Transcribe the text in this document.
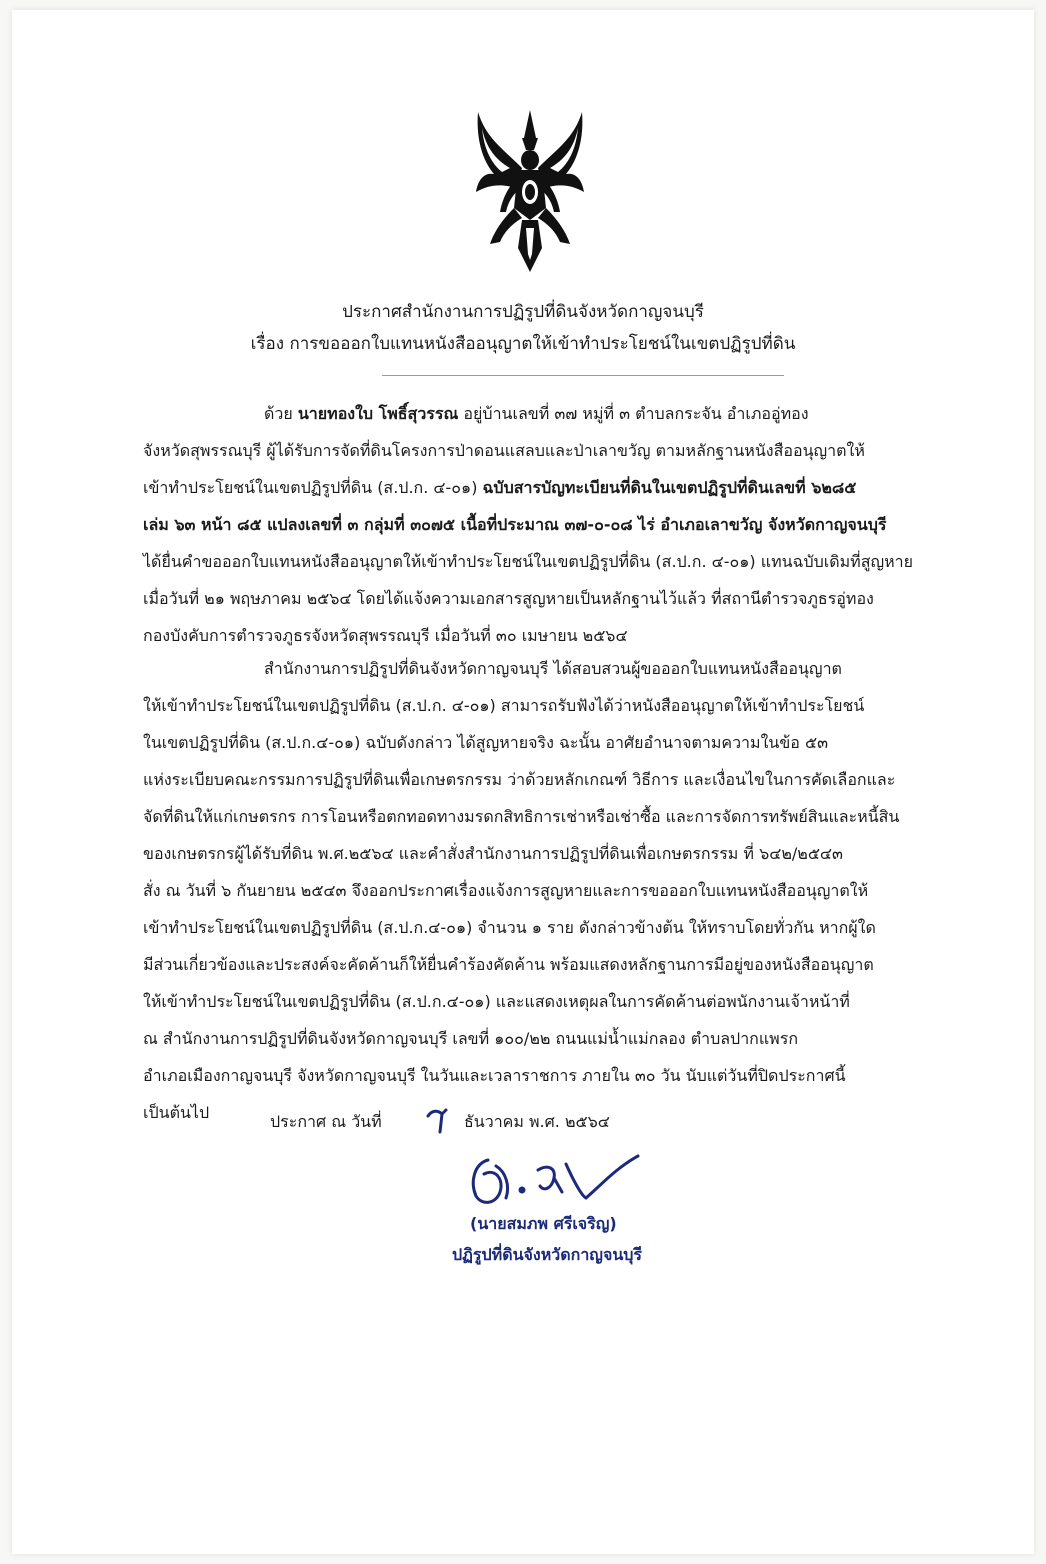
ประกาศสำนักงานการปฏิรูปที่ดินจังหวัดกาญจนบุรี
เรื่อง การขอออกใบแทนหนังสืออนุญาตให้เข้าทำประโยชน์ในเขตปฏิรูปที่ดิน
ด้วย นายทองใบ โพธิ์สุวรรณ อยู่บ้านเลขที่ ๓๗ หมู่ที่ ๓ ตำบลกระจัน อำเภออู่ทอง
จังหวัดสุพรรณบุรี ผู้ได้รับการจัดที่ดินโครงการป่าดอนแสลบและป่าเลาขวัญ ตามหลักฐานหนังสืออนุญาตให้
เข้าทำประโยชน์ในเขตปฏิรูปที่ดิน (ส.ป.ก. ๔-๐๑) ฉบับสารบัญทะเบียนที่ดินในเขตปฏิรูปที่ดินเลขที่ ๖๒๘๕
เล่ม ๖๓ หน้า ๘๕ แปลงเลขที่ ๓ กลุ่มที่ ๓๐๗๕ เนื้อที่ประมาณ ๓๗-๐-๐๘ ไร่ อำเภอเลาขวัญ จังหวัดกาญจนบุรี
ได้ยื่นคำขอออกใบแทนหนังสืออนุญาตให้เข้าทำประโยชน์ในเขตปฏิรูปที่ดิน (ส.ป.ก. ๔-๐๑) แทนฉบับเดิมที่สูญหาย
เมื่อวันที่ ๒๑ พฤษภาคม ๒๕๖๔ โดยได้แจ้งความเอกสารสูญหายเป็นหลักฐานไว้แล้ว ที่สถานีตำรวจภูธรอู่ทอง
กองบังคับการตำรวจภูธรจังหวัดสุพรรณบุรี เมื่อวันที่ ๓๐ เมษายน ๒๕๖๔
สำนักงานการปฏิรูปที่ดินจังหวัดกาญจนบุรี ได้สอบสวนผู้ขอออกใบแทนหนังสืออนุญาต
ให้เข้าทำประโยชน์ในเขตปฏิรูปที่ดิน (ส.ป.ก. ๔-๐๑) สามารถรับฟังได้ว่าหนังสืออนุญาตให้เข้าทำประโยชน์
ในเขตปฏิรูปที่ดิน (ส.ป.ก.๔-๐๑) ฉบับดังกล่าว ได้สูญหายจริง ฉะนั้น อาศัยอำนาจตามความในข้อ ๕๓
แห่งระเบียบคณะกรรมการปฏิรูปที่ดินเพื่อเกษตรกรรม ว่าด้วยหลักเกณฑ์ วิธีการ และเงื่อนไขในการคัดเลือกและ
จัดที่ดินให้แก่เกษตรกร การโอนหรือตกทอดทางมรดกสิทธิการเช่าหรือเช่าซื้อ และการจัดการทรัพย์สินและหนี้สิน
ของเกษตรกรผู้ได้รับที่ดิน พ.ศ.๒๕๖๔ และคำสั่งสำนักงานการปฏิรูปที่ดินเพื่อเกษตรกรรม ที่ ๖๔๒/๒๕๔๓
สั่ง ณ วันที่ ๖ กันยายน ๒๕๔๓ จึงออกประกาศเรื่องแจ้งการสูญหายและการขอออกใบแทนหนังสืออนุญาตให้
เข้าทำประโยชน์ในเขตปฏิรูปที่ดิน (ส.ป.ก.๔-๐๑) จำนวน ๑ ราย ดังกล่าวข้างต้น ให้ทราบโดยทั่วกัน หากผู้ใด
มีส่วนเกี่ยวข้องและประสงค์จะคัดค้านก็ให้ยื่นคำร้องคัดค้าน พร้อมแสดงหลักฐานการมีอยู่ของหนังสืออนุญาต
ให้เข้าทำประโยชน์ในเขตปฏิรูปที่ดิน (ส.ป.ก.๔-๐๑) และแสดงเหตุผลในการคัดค้านต่อพนักงานเจ้าหน้าที่
ณ สำนักงานการปฏิรูปที่ดินจังหวัดกาญจนบุรี เลขที่ ๑๐๐/๒๒ ถนนแม่น้ำแม่กลอง ตำบลปากแพรก
อำเภอเมืองกาญจนบุรี จังหวัดกาญจนบุรี ในวันและเวลาราชการ ภายใน ๓๐ วัน นับแต่วันที่ปิดประกาศนี้
เป็นต้นไป	ประกาศ ณ วันที่	ธันวาคม พ.ศ. ๒๕๖๔
(นายสมภพ ศรีเจริญ)
ปฏิรูปที่ดินจังหวัดกาญจนบุรี
